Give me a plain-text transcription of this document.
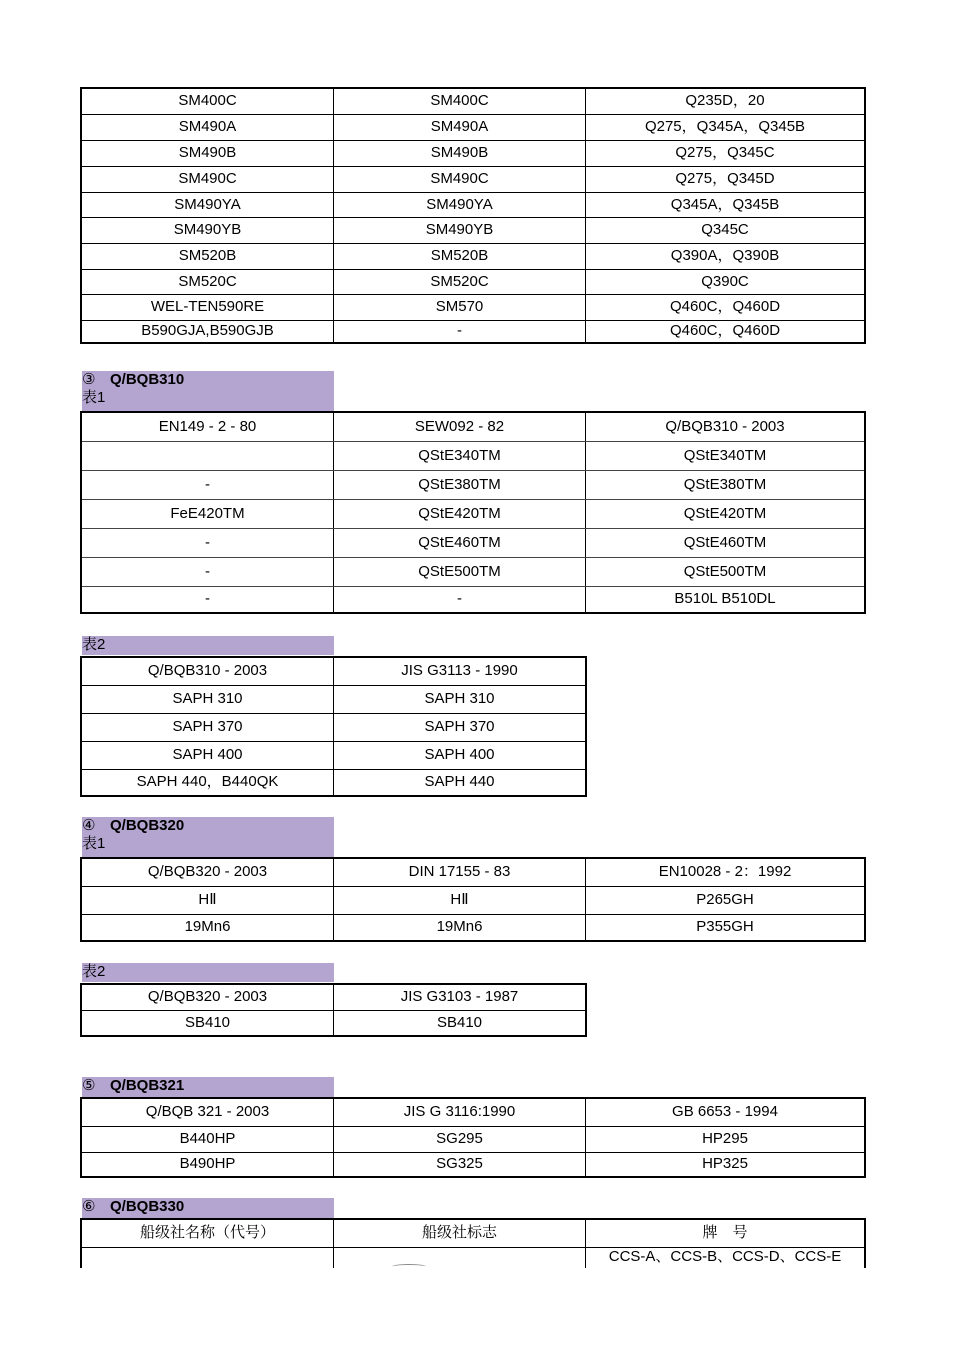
SM400C	SM400C	Q235D，20
SM490A	SM490A	Q275，Q345A，Q345B
SM490B	SM490B	Q275，Q345C
SM490C	SM490C	Q275，Q345D
SM490YA	SM490YA	Q345A，Q345B
SM490YB	SM490YB	Q345C
SM520B	SM520B	Q390A，Q390B
SM520C	SM520C	Q390C
WEL-TEN590RE	SM570	Q460C，Q460D
B590GJA,B590GJB	-	Q460C，Q460D
③ Q/BQB310
表1
EN149 - 2 - 80	SEW092 - 82	Q/BQB310 - 2003
	QStE340TM	QStE340TM
-	QStE380TM	QStE380TM
FeE420TM	QStE420TM	QStE420TM
-	QStE460TM	QStE460TM
-	QStE500TM	QStE500TM
-	-	B510L B510DL
表2
Q/BQB310 - 2003	JIS G3113 - 1990
SAPH 310	SAPH 310
SAPH 370	SAPH 370
SAPH 400	SAPH 400
SAPH 440，B440QK	SAPH 440
④ Q/BQB320
表1
Q/BQB320 - 2003	DIN 17155 - 83	EN10028 - 2：1992
HⅡ	HⅡ	P265GH
19Mn6	19Mn6	P355GH
表2
Q/BQB320 - 2003	JIS G3103 - 1987
SB410	SB410
⑤ Q/BQB321
Q/BQB 321 - 2003	JIS G 3116:1990	GB 6653 - 1994
B440HP	SG295	HP295
B490HP	SG325	HP325
⑥ Q/BQB330
船级社名称（代号）	船级社标志	牌　号
		CCS-A、CCS-B、CCS-D、CCS-E
